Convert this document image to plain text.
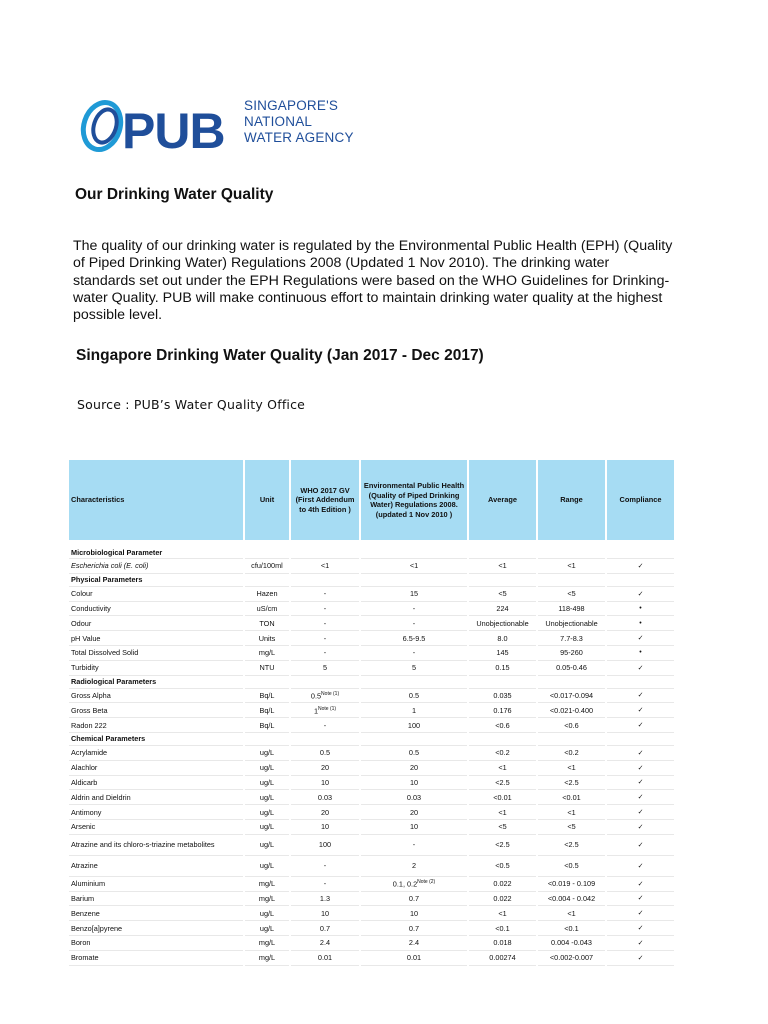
PUB SINGAPORE'S
NATIONAL
WATER AGENCY
Our Drinking Water Quality

The quality of our drinking water is regulated by the Environmental Public Health (EPH) (Quality of Piped Drinking Water) Regulations 2008 (Updated 1 Nov 2010). The drinking water standards set out under the EPH Regulations were based on the WHO Guidelines for Drinking-water Quality. PUB will make continuous effort to maintain drinking water quality at the highest possible level.

Singapore Drinking Water Quality (Jan 2017 - Dec 2017)

Source : PUB’s Water Quality Office

Characteristics	Unit	WHO 2017 GV (First Addendum to 4th Edition )	Environmental Public Health (Quality of Piped Drinking Water) Regulations 2008. (updated 1 Nov 2010 )	Average	Range	Compliance

Microbiological Parameter						
Escherichia coli (E. coli)	cfu/100ml	<1	<1	<1	<1	✓
Physical Parameters						
Colour	Hazen	-	15	<5	<5	✓
Conductivity	uS/cm	-	-	224	118-498	•
Odour	TON	-	-	Unobjectionable	Unobjectionable	•
pH Value	Units	-	6.5-9.5	8.0	7.7-8.3	✓
Total Dissolved Solid	mg/L	-	-	145	95-260	•
Turbidity	NTU	5	5	0.15	0.05-0.46	✓
Radiological Parameters						
Gross Alpha	Bq/L	$0.5^{Note (1)}$	0.5	0.035	<0.017-0.094	✓
Gross Beta	Bq/L	$1^{Note (1)}$	1	0.176	<0.021-0.400	✓
Radon 222	Bq/L	-	100	<0.6	<0.6	✓
Chemical Parameters						
Acrylamide	ug/L	0.5	0.5	<0.2	<0.2	✓
Alachlor	ug/L	20	20	<1	<1	✓
Aldicarb	ug/L	10	10	<2.5	<2.5	✓
Aldrin and Dieldrin	ug/L	0.03	0.03	<0.01	<0.01	✓
Antimony	ug/L	20	20	<1	<1	✓
Arsenic	ug/L	10	10	<5	<5	✓
Atrazine and its chloro-s-triazine metabolites	ug/L	100	-	<2.5	<2.5	✓
Atrazine	ug/L	-	2	<0.5	<0.5	✓
Aluminium	mg/L	-	0.1, $0.2^{Note (2)}$	0.022	<0.019 - 0.109	✓
Barium	mg/L	1.3	0.7	0.022	<0.004 - 0.042	✓
Benzene	ug/L	10	10	<1	<1	✓
Benzo[a]pyrene	ug/L	0.7	0.7	<0.1	<0.1	✓
Boron	mg/L	2.4	2.4	0.018	0.004 -0.043	✓
Bromate	mg/L	0.01	0.01	0.00274	<0.002-0.007	✓
